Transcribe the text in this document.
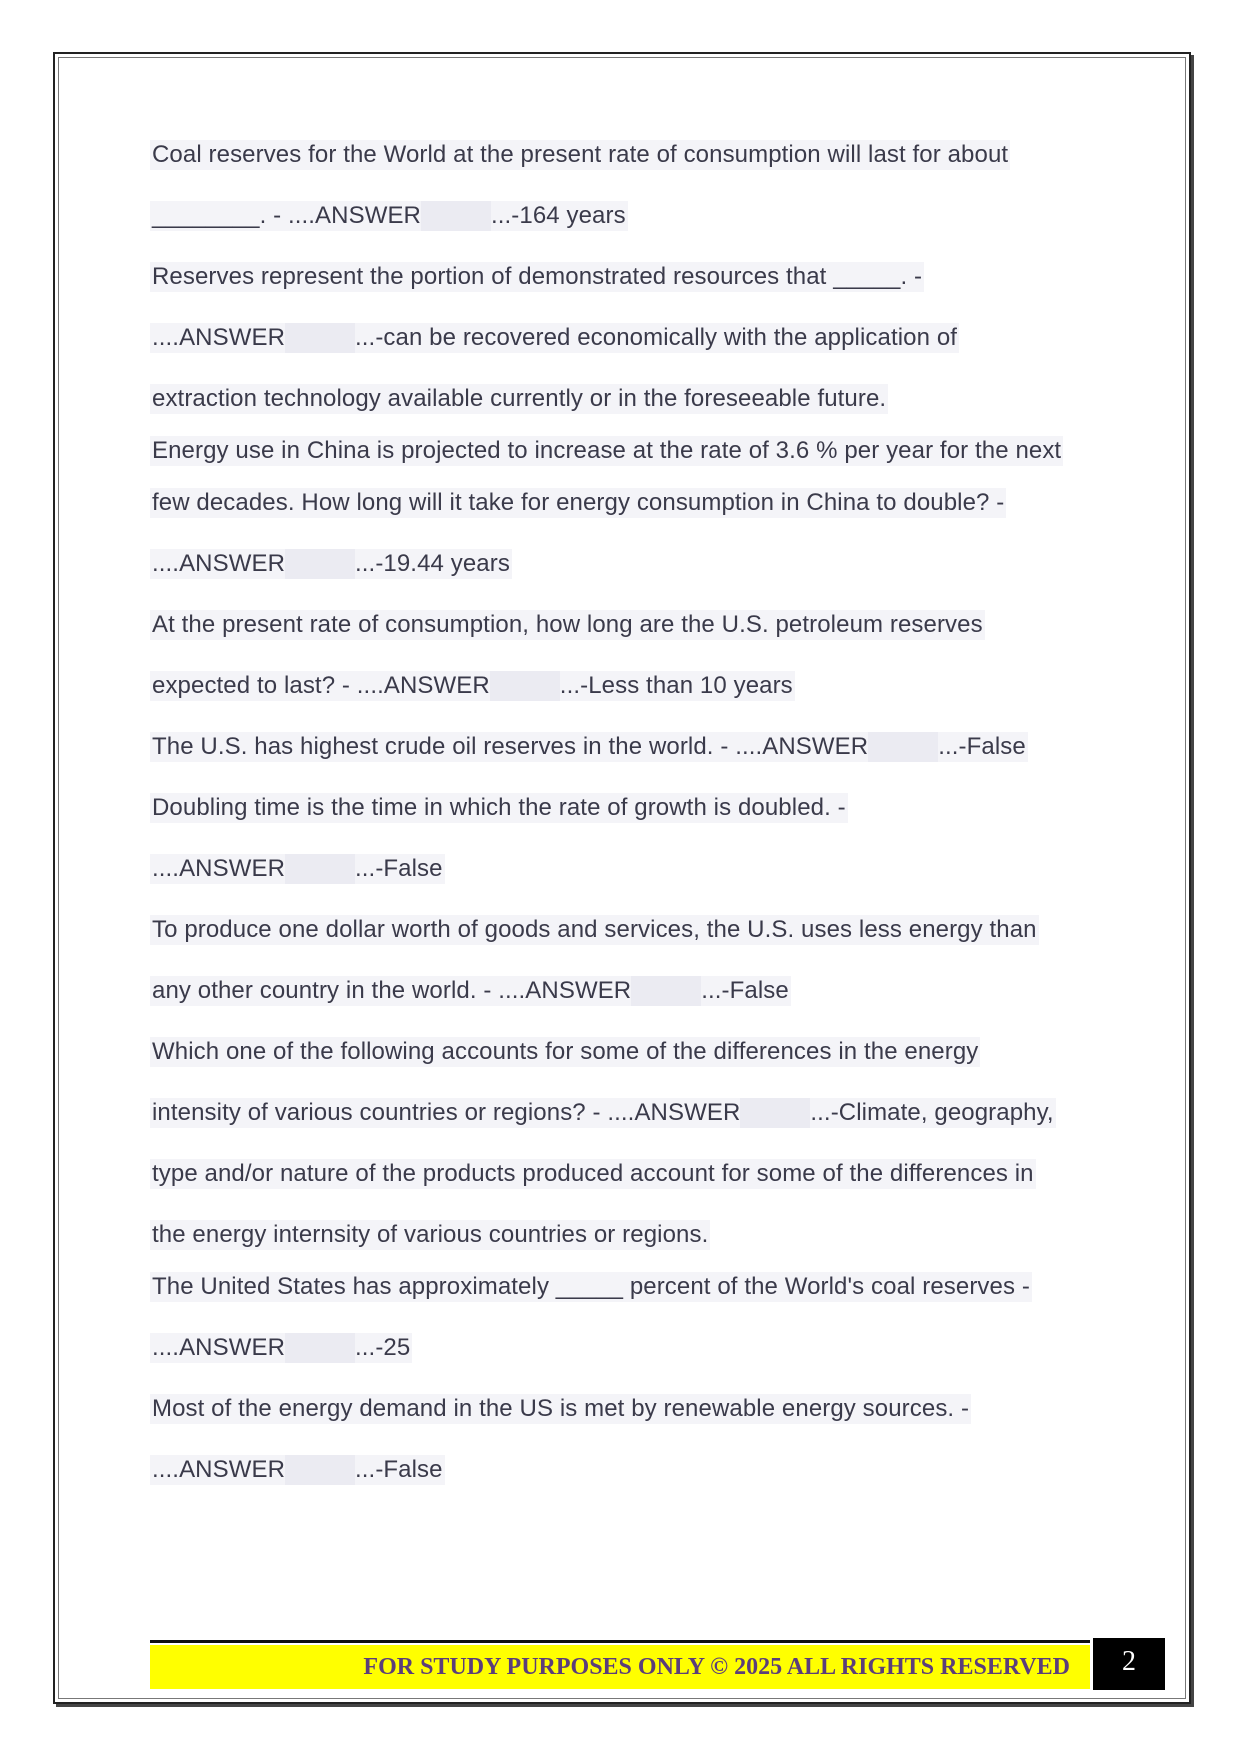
Coal reserves for the World at the present rate of consumption will last for about
________. - ....ANSWER	...-164 years
Reserves represent the portion of demonstrated resources that _____. -
....ANSWER	...-can be recovered economically with the application of
extraction technology available currently or in the foreseeable future.
Energy use in China is projected to increase at the rate of 3.6 % per year for the next
few decades. How long will it take for energy consumption in China to double? -
....ANSWER	...-19.44 years
At the present rate of consumption, how long are the U.S. petroleum reserves
expected to last? - ....ANSWER	...-Less than 10 years
The U.S. has highest crude oil reserves in the world. - ....ANSWER	...-False
Doubling time is the time in which the rate of growth is doubled. -
....ANSWER	...-False
To produce one dollar worth of goods and services, the U.S. uses less energy than
any other country in the world. - ....ANSWER	...-False
Which one of the following accounts for some of the differences in the energy
intensity of various countries or regions? - ....ANSWER	...-Climate, geography,
type and/or nature of the products produced account for some of the differences in
the energy internsity of various countries or regions.
The United States has approximately _____ percent of the World's coal reserves -
....ANSWER	...-25
Most of the energy demand in the US is met by renewable energy sources. -
....ANSWER	...-False
FOR STUDY PURPOSES ONLY © 2025 ALL RIGHTS RESERVED	2
